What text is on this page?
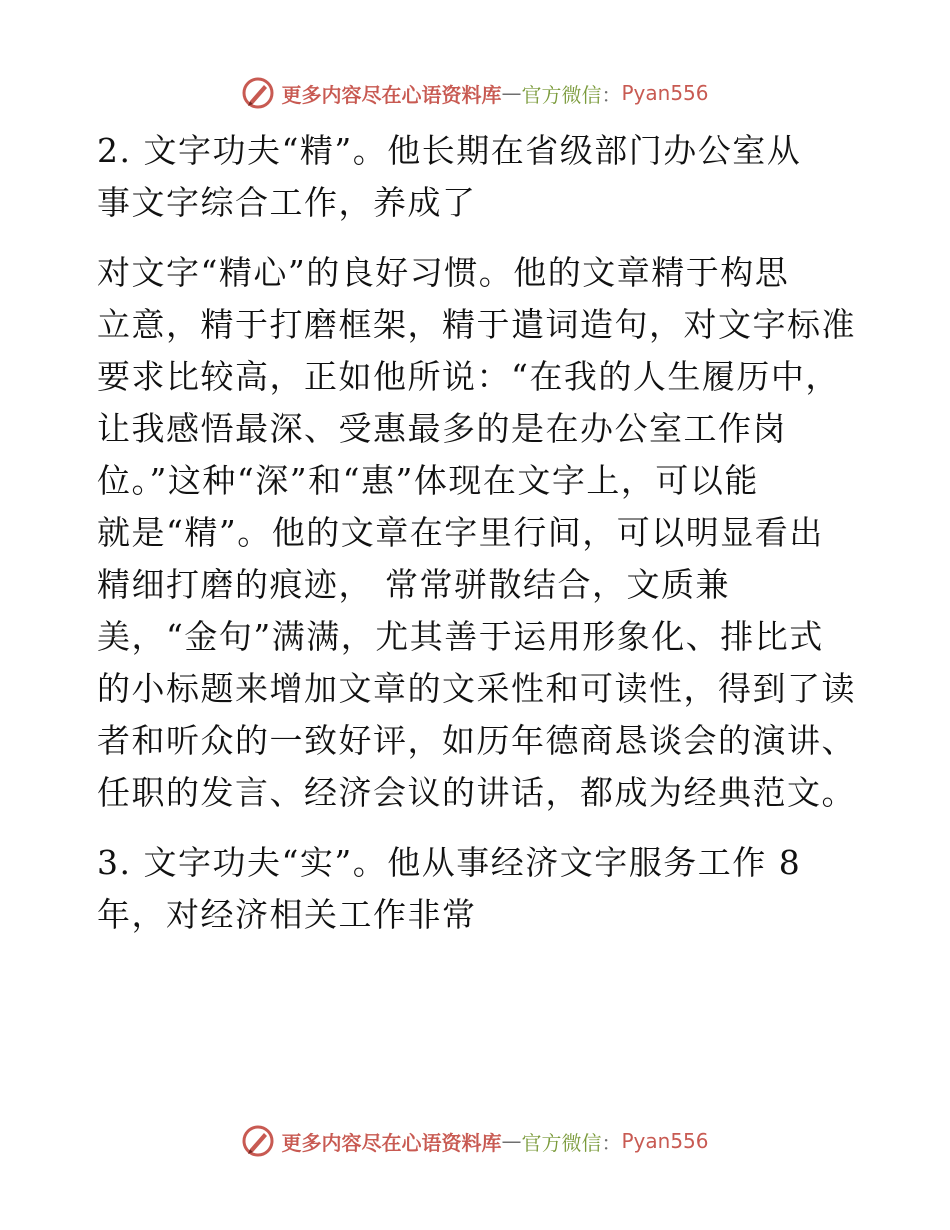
更多内容尽在心语资料库 — 官方微信 ： Pyan556
2. 文字功夫“精”。他长期在省级部门办公室从
事文字综合工作，养成了
对文字“精心”的良好习惯。他的文章精于构思
立意，精于打磨框架，精于遣词造句，对文字标准
要求比较高，正如他所说：“在我的人生履历中，
让我感悟最深、受惠最多的是在办公室工作岗
位。”这种“深”和“惠”体现在文字上，可以能
就是“精”。他的文章在字里行间，可以明显看出
精细打磨的痕迹， 常常骈散结合，文质兼
美，“金句”满满，尤其善于运用形象化、排比式
的小标题来增加文章的文采性和可读性，得到了读
者和听众的一致好评，如历年德商恳谈会的演讲、
任职的发言、经济会议的讲话，都成为经典范文。
3. 文字功夫“实”。他从事经济文字服务工作 8
年，对经济相关工作非常
更多内容尽在心语资料库 — 官方微信 ： Pyan556
